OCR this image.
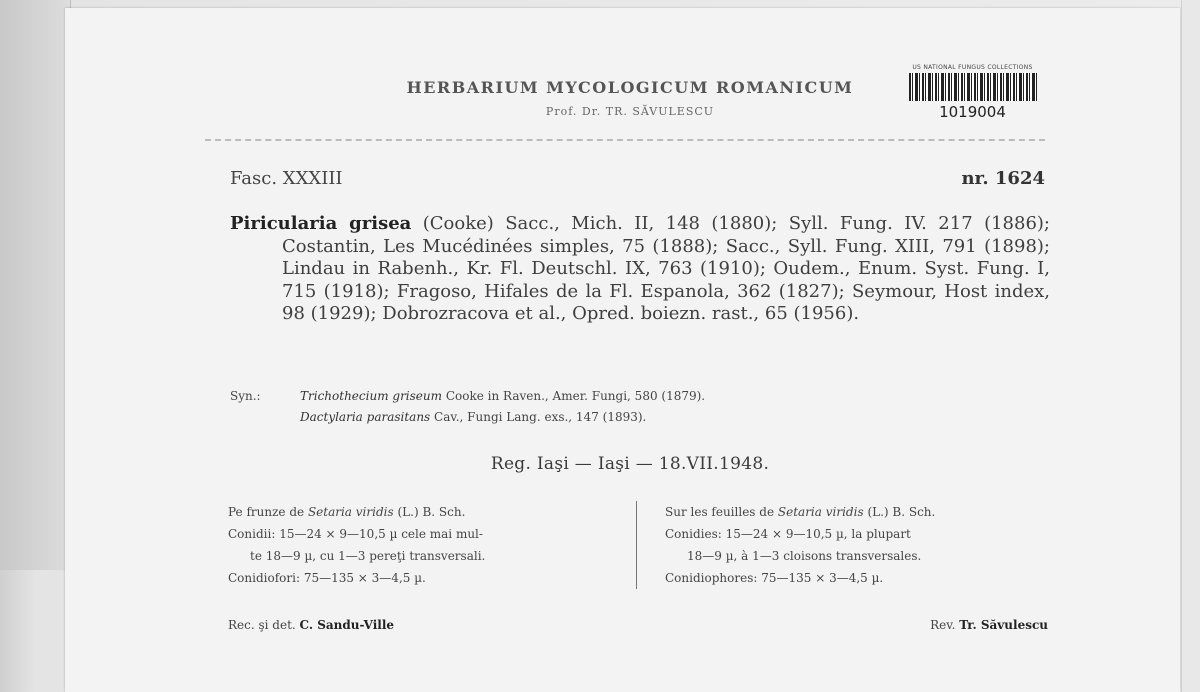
HERBARIUM MYCOLOGICUM ROMANICUM
Prof. Dr. TR. SĂVULESCU
US NATIONAL FUNGUS COLLECTIONS
1019004
Fasc. XXXIII	nr. 1624

Piricularia grisea (Cooke) Sacc., Mich. II, 148 (1880); Syll. Fung. IV. 217 (1886); Costantin, Les Mucédinées simples, 75 (1888); Sacc., Syll. Fung. XIII, 791 (1898); Lindau in Rabenh., Kr. Fl. Deutschl. IX, 763 (1910); Oudem., Enum. Syst. Fung. I, 715 (1918); Fragoso, Hifales de la Fl. Espanola, 362 (1827); Seymour, Host index, 98 (1929); Dobrozracova et al., Opred. boiezn. rast., 65 (1956).

Syn.:	Trichothecium griseum Cooke in Raven., Amer. Fungi, 580 (1879).
Dactylaria parasitans Cav., Fungi Lang. exs., 147 (1893).
Reg. Iaşi — Iaşi — 18.VII.1948.
Pe frunze de Setaria viridis (L.) B. Sch.
Conidii: 15—24 × 9—10,5 µ cele mai mul-
te 18—9 µ, cu 1—3 pereţi transversali.
Conidiofori: 75—135 × 3—4,5 µ.
Sur les feuilles de Setaria viridis (L.) B. Sch.
Conidies: 15—24 × 9—10,5 µ, la plupart
18—9 µ, à 1—3 cloisons transversales.
Conidiophores: 75—135 × 3—4,5 µ.
Rec. şi det. C. Sandu-Ville	Rev. Tr. Săvulescu
